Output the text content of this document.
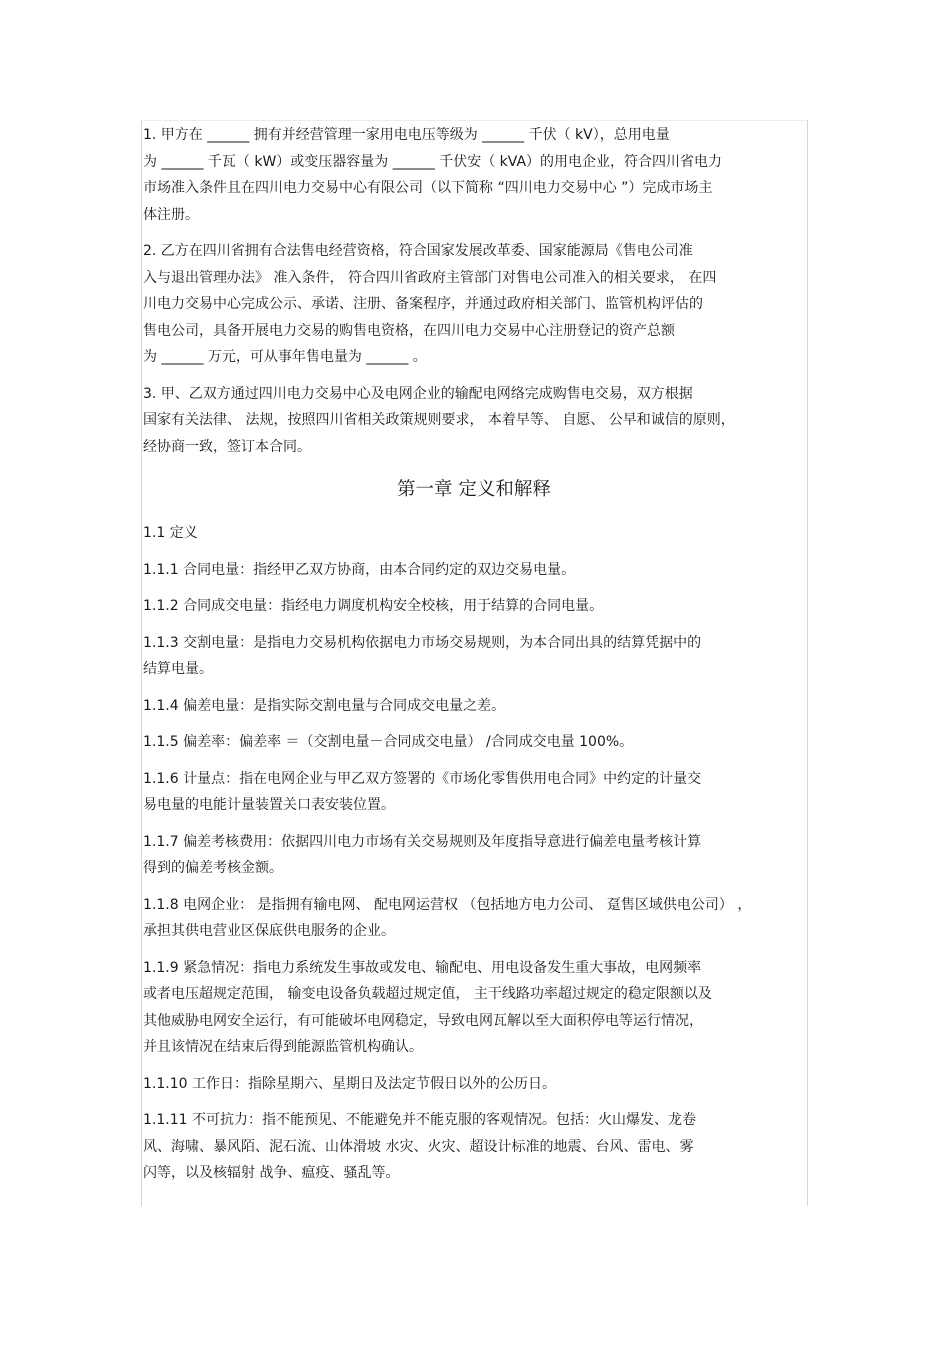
1. 甲方在 ______ 拥有并经营管理一家用电电压等级为 ______ 千伏（ kV），总用电量

为 ______ 千瓦（ kW）或变压器容量为 ______ 千伏安（ kVA）的用电企业，符合四川省电力

市场准入条件且在四川电力交易中心有限公司（以下简称 “四川电力交易中心 ”）完成市场主

体注册。

2. 乙方在四川省拥有合法售电经营资格，符合国家发展改革委、国家能源局《售电公司准

入与退出管理办法》 准入条件， 符合四川省政府主管部门对售电公司准入的相关要求， 在四

川电力交易中心完成公示、承诺、注册、备案程序，并通过政府相关部门、监管机构评估的

售电公司，具备开展电力交易的购售电资格，在四川电力交易中心注册登记的资产总额

为 ______ 万元，可从事年售电量为 ______ 。

3. 甲、乙双方通过四川电力交易中心及电网企业的输配电网络完成购售电交易，双方根据

国家有关法律、 法规，按照四川省相关政策规则要求， 本着早等、 自愿、 公早和诚信的原则，

经协商一致，签订本合同。

第一章 定义和解释

1.1 定义

1.1.1 合同电量：指经甲乙双方协商，由本合同约定的双边交易电量。

1.1.2 合同成交电量：指经电力调度机构安全校核，用于结算的合同电量。

1.1.3 交割电量：是指电力交易机构依据电力市场交易规则，为本合同出具的结算凭据中的

结算电量。

1.1.4 偏差电量：是指实际交割电量与合同成交电量之差。

1.1.5 偏差率：偏差率 ＝（交割电量－合同成交电量） /合同成交电量 100%。

1.1.6 计量点：指在电网企业与甲乙双方签署的《市场化零售供用电合同》中约定的计量交

易电量的电能计量装置关口表安装位置。

1.1.7 偏差考核费用：依据四川电力市场有关交易规则及年度指导意进行偏差电量考核计算

得到的偏差考核金额。

1.1.8 电网企业： 是指拥有输电网、 配电网运营权 （包括地方电力公司、 趸售区域供电公司） ，

承担其供电营业区保底供电服务的企业。

1.1.9 紧急情况：指电力系统发生事故或发电、输配电、用电设备发生重大事故，电网频率

或者电压超规定范围， 输变电设备负载超过规定值， 主干线路功率超过规定的稳定限额以及

其他威胁电网安全运行，有可能破坏电网稳定，导致电网瓦解以至大面积停电等运行情况，

并且该情况在结束后得到能源监管机构确认。

1.1.10 工作日：指除星期六、星期日及法定节假日以外的公历日。

1.1.11 不可抗力：指不能预见、不能避免并不能克服的客观情况。包括：火山爆发、龙卷

风、海啸、暴风陌、泥石流、山体滑坡 水灾、火灾、超设计标准的地震、台风、雷电、雾

闪等，以及核辐射 战争、瘟疫、骚乱等。
